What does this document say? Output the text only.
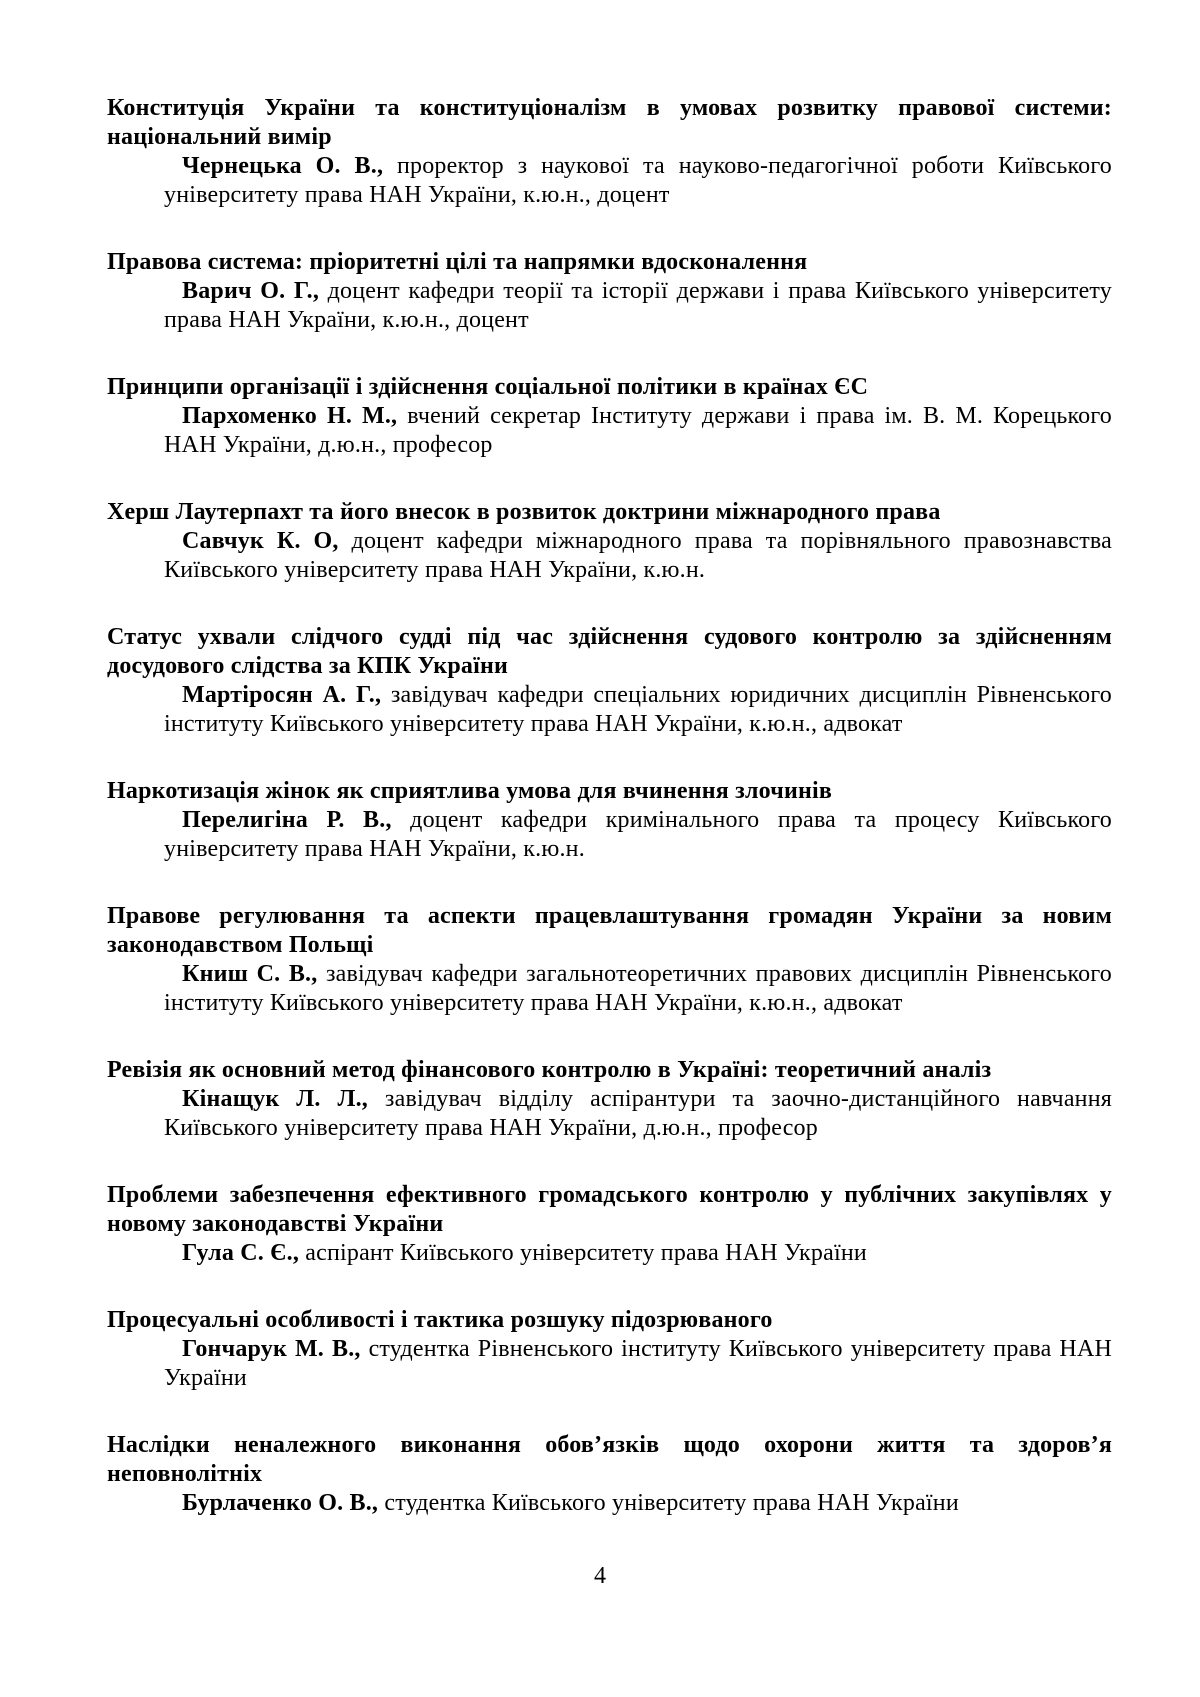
Конституція України та конституціоналізм в умовах розвитку правової системи: національний вимір

Чернецька О. В., проректор з наукової та науково-педагогічної роботи Київського університету права НАН України, к.ю.н., доцент

Правова система: пріоритетні цілі та напрямки вдосконалення

Варич О. Г., доцент кафедри теорії та історії держави і права Київського університету права НАН України, к.ю.н., доцент

Принципи організації і здійснення соціальної політики в країнах ЄС

Пархоменко Н. М., вчений секретар Інституту держави і права ім. В. М. Корецького НАН України, д.ю.н., професор

Херш Лаутерпахт та його внесок в розвиток доктрини міжнародного права

Савчук К. О, доцент кафедри міжнародного права та порівняльного правознавства Київського університету права НАН України, к.ю.н.

Статус ухвали слідчого судді під час здійснення судового контролю за здійсненням досудового слідства за КПК України

Мартіросян А. Г., завідувач кафедри спеціальних юридичних дисциплін Рівненського інституту Київського університету права НАН України, к.ю.н., адвокат

Наркотизація жінок як сприятлива умова для вчинення злочинів

Перелигіна Р. В., доцент кафедри кримінального права та процесу Київського університету права НАН України, к.ю.н.

Правове регулювання та аспекти працевлаштування громадян України за новим законодавством Польщі

Книш С. В., завідувач кафедри загальнотеоретичних правових дисциплін Рівненського інституту Київського університету права НАН України, к.ю.н., адвокат

Ревізія як основний метод фінансового контролю в Україні: теоретичний аналіз

Кінащук Л. Л., завідувач відділу аспірантури та заочно-дистанційного навчання Київського університету права НАН України, д.ю.н., професор

Проблеми забезпечення ефективного громадського контролю у публічних закупівлях у новому законодавстві України

Гула С. Є., аспірант Київського університету права НАН України

Процесуальні особливості і тактика розшуку підозрюваного

Гончарук М. В., студентка Рівненського інституту Київського університету права НАН України

Наслідки неналежного виконання обов’язків щодо охорони життя та здоров’я неповнолітніх

Бурлаченко О. В., студентка Київського університету права НАН України

4
